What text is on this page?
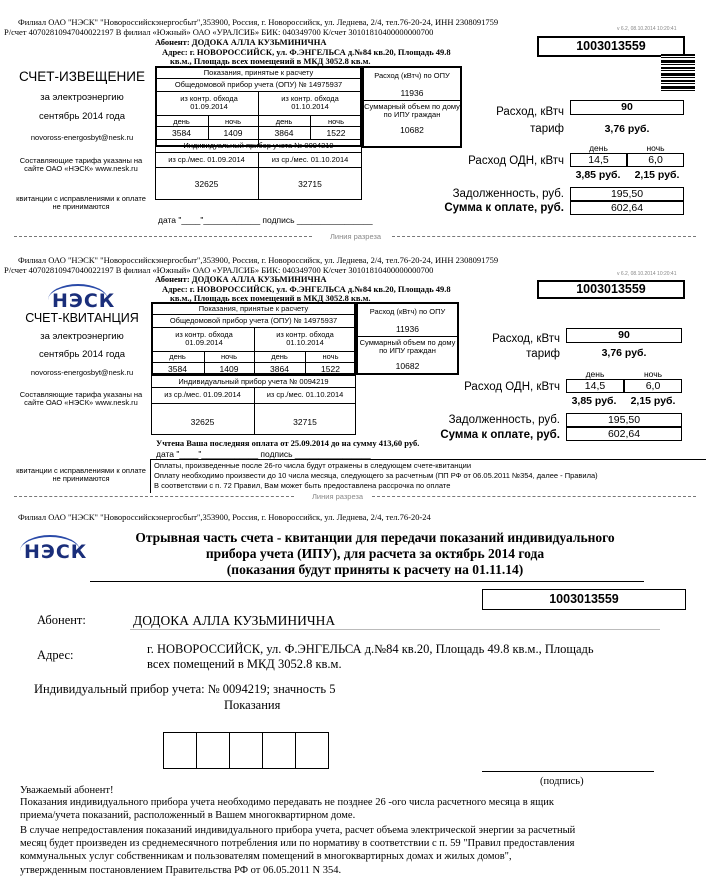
Филиал ОАО "НЭСК" "Новороссийскэнергосбыт",353900, Россия, г. Новороссийск, ул. Леднева, 2/4, тел.76-20-24, ИНН 2308091759
Р/счет 40702810947040022197 В филиал «Южный» ОАО «УРАЛСИБ» БИК: 040349700 К/счет 30101810400000000700	v 6.2, 08.10.2014 10:20:41
Абонент: ДОДОКА АЛЛА КУЗЬМИНИЧНА
Адрес: г. НОВОРОССИЙСК, ул. Ф.ЭНГЕЛЬСА д.№84 кв.20, Площадь 49.8
кв.м., Площадь всех помещений в МКД 3052.8 кв.м.
1003013559
СЧЕТ-ИЗВЕЩЕНИЕ
за электроэнергию
сентябрь 2014 года
novoross-energosbyt@nesk.ru
Составляющие тарифа указаны на сайте ОАО «НЭСК» www.nesk.ru
квитанции с исправлениями к оплате не принимаются
Показания, принятые к расчету
Общедомовой прибор учета (ОПУ) № 14975937
из контр. обхода 01.09.2014
из контр. обхода 01.10.2014
день	ночь	день	ночь
3584	1409	3864	1522
Индивидуальный прибор учета № 0094219
из ср./мес. 01.09.2014	из ср./мес. 01.10.2014
32625	32715
Расход (кВтч) по ОПУ
11936
Суммарный объем по дому по ИПУ граждан
10682
Расход, кВтч	90
тариф	3,76 руб.
день	ночь
Расход ОДН, кВтч	14,5	6,0
3,85 руб.	2,15 руб.
Задолженность, руб.	195,50
Сумма к оплате, руб.	602,64
дата "____"____________ подпись ________________
Линия разреза
Филиал ОАО "НЭСК" "Новороссийскэнергосбыт",353900, Россия, г. Новороссийск, ул. Леднева, 2/4, тел.76-20-24, ИНН 2308091759
Р/счет 40702810947040022197 В филиал «Южный» ОАО «УРАЛСИБ» БИК: 040349700 К/счет 30101810400000000700	v 6.2, 08.10.2014 10:20:41
Абонент: ДОДОКА АЛЛА КУЗЬМИНИЧНА
Адрес: г. НОВОРОССИЙСК, ул. Ф.ЭНГЕЛЬСА д.№84 кв.20, Площадь 49.8
кв.м., Площадь всех помещений в МКД 3052.8 кв.м.
1003013559
НЭСК
СЧЕТ-КВИТАНЦИЯ
за электроэнергию
сентябрь 2014 года
novoross-energosbyt@nesk.ru
Составляющие тарифа указаны на сайте ОАО «НЭСК» www.nesk.ru
квитанции с исправлениями к оплате не принимаются
Показания, принятые к расчету
Общедомовой прибор учета (ОПУ) № 14975937
из контр. обхода 01.09.2014
из контр. обхода 01.10.2014
день	ночь	день	ночь
3584	1409	3864	1522
Индивидуальный прибор учета № 0094219
из ср./мес. 01.09.2014	из ср./мес. 01.10.2014
32625	32715
Расход (кВтч) по ОПУ
11936
Суммарный объем по дому по ИПУ граждан
10682
Расход, кВтч	90
тариф	3,76 руб.
день	ночь
Расход ОДН, кВтч	14,5	6,0
3,85 руб.	2,15 руб.
Задолженность, руб.	195,50
Сумма к оплате, руб.	602,64
Учтена Ваша последняя оплата от 25.09.2014 до на сумму 413,60 руб.
дата "____"____________ подпись ________________
Оплаты, произведенные после 26-го числа будут отражены в следующем счете-квитанции
Оплату необходимо произвести до 10 числа месяца, следующего за расчетным (ПП РФ от 06.05.2011 №354, далее - Правила)
В соответствии с п. 72 Правил, Вам может быть предоставлена рассрочка по оплате
Линия разреза
Филиал ОАО "НЭСК" "Новороссийскэнергосбыт",353900, Россия, г. Новороссийск, ул. Леднева, 2/4, тел.76-20-24
НЭСК
Отрывная часть счета - квитанции для передачи показаний индивидуального
прибора учета (ИПУ), для расчета за октябрь 2014 года
(показания будут приняты к расчету на 01.11.14)
1003013559
Абонент:	ДОДОКА АЛЛА КУЗЬМИНИЧНА
Адрес:	г. НОВОРОССИЙСК, ул. Ф.ЭНГЕЛЬСА д.№84 кв.20, Площадь 49.8 кв.м., Площадь
всех помещений в МКД 3052.8 кв.м.
Индивидуальный прибор учета: № 0094219; значность 5
Показания
(подпись)
Уважаемый абонент!
Показания индивидуального прибора учета необходимо передавать не позднее 26 -ого числа расчетного месяца в ящик
приема/учета показаний, расположенный в Вашем многоквартирном доме.
В случае непредоставления показаний индивидуального прибора учета, расчет объема электрической энергии за расчетный
месяц будет произведен из среднемесячного потребления или по нормативу в соответствии с п. 59 "Правил предоставления
коммунальных услуг собственникам и пользователям помещений в многоквартирных домах и жилых домов",
утвержденным постановлением Правительства РФ от 06.05.2011 N 354.
